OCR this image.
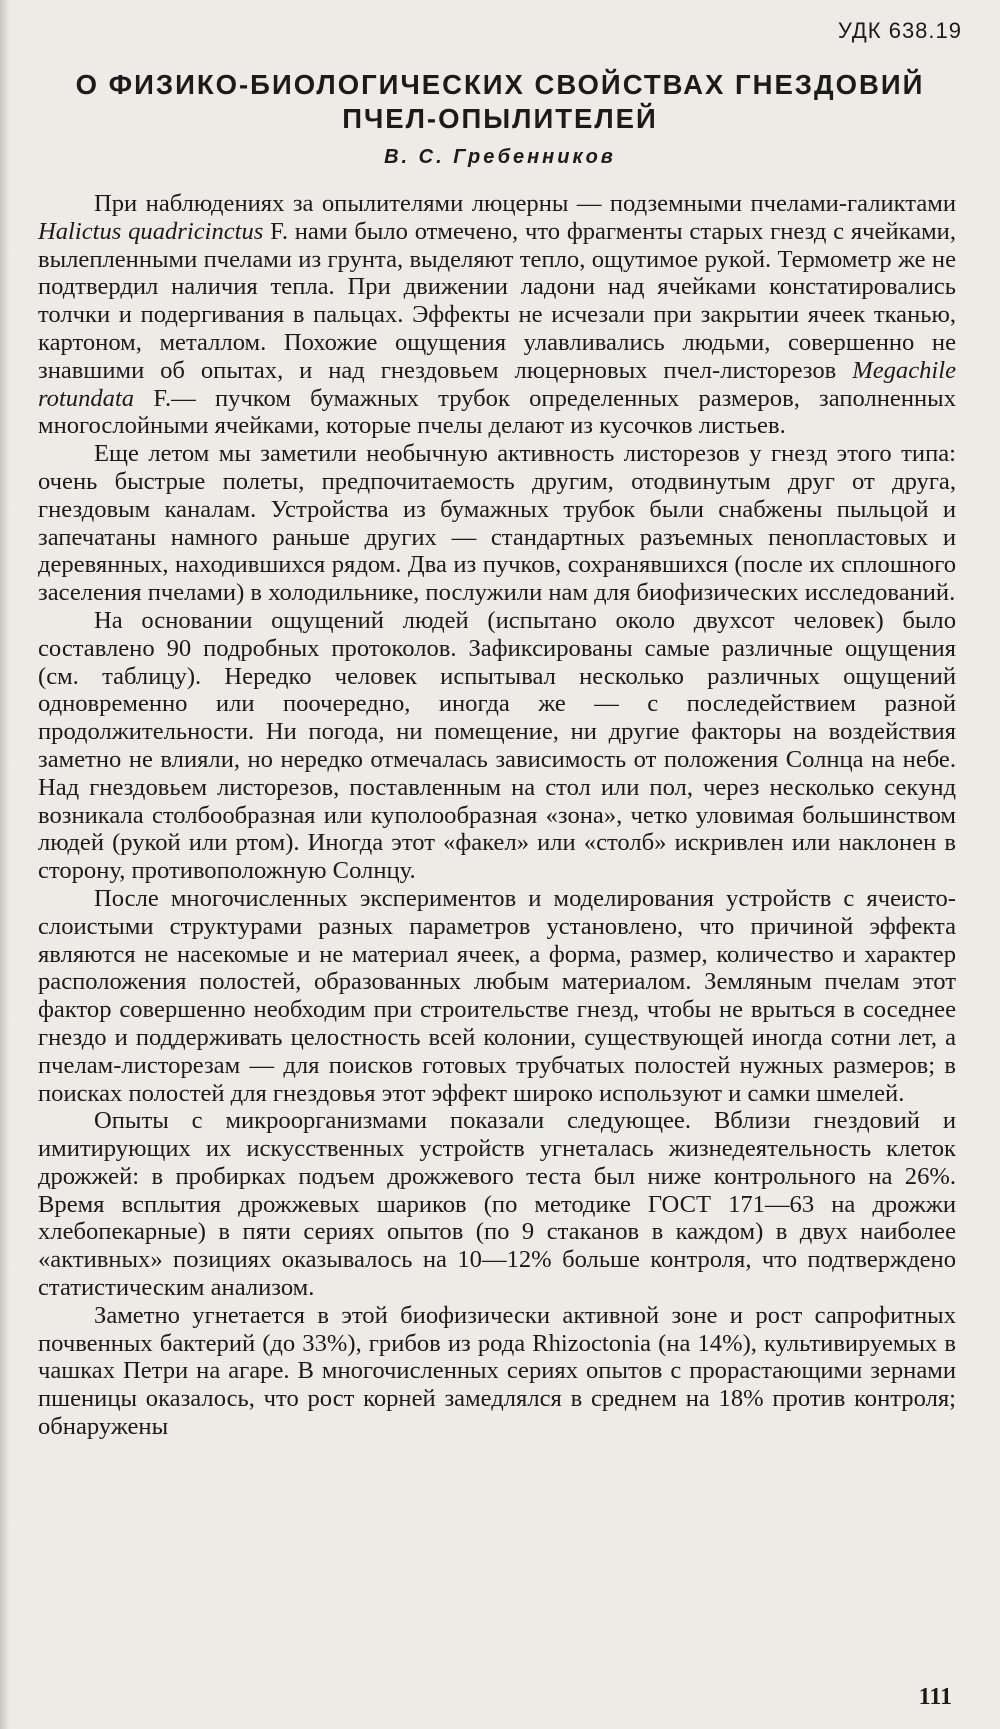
УДК 638.19
О ФИЗИКО-БИОЛОГИЧЕСКИХ СВОЙСТВАХ ГНЕЗДОВИЙ
ПЧЕЛ-ОПЫЛИТЕЛЕЙ
В. С. Гребенников

При наблюдениях за опылителями люцерны — подземными пчелами-галиктами Halictus quadricinctus F. нами было отмечено, что фрагменты старых гнезд с ячейками, вылепленными пчелами из грунта, выделяют тепло, ощутимое рукой. Термометр же не подтвердил наличия тепла. При движении ладони над ячейками констатировались толчки и подергивания в пальцах. Эффекты не исчезали при закрытии ячеек тканью, картоном, металлом. Похожие ощущения улавливались людьми, совершенно не знавшими об опытах, и над гнездовьем люцерновых пчел-листорезов Megachile rotundata F.— пучком бумажных трубок определенных размеров, заполненных многослойными ячейками, которые пчелы делают из кусочков листьев.

Еще летом мы заметили необычную активность листорезов у гнезд этого типа: очень быстрые полеты, предпочитаемость другим, отодвинутым друг от друга, гнездовым каналам. Устройства из бумажных трубок были снабжены пыльцой и запечатаны намного раньше других — стандартных разъемных пенопластовых и деревянных, находившихся рядом. Два из пучков, сохранявшихся (после их сплошного заселения пчелами) в холодильнике, послужили нам для биофизических исследований.

На основании ощущений людей (испытано около двухсот человек) было составлено 90 подробных протоколов. Зафиксированы самые различные ощущения (см. таблицу). Нередко человек испытывал несколько различных ощущений одновременно или поочередно, иногда же — с последействием разной продолжительности. Ни погода, ни помещение, ни другие факторы на воздействия заметно не влияли, но нередко отмечалась зависимость от положения Солнца на небе. Над гнездовьем листорезов, поставленным на стол или пол, через несколько секунд возникала столбообразная или куполообразная «зона», четко уловимая большинством людей (рукой или ртом). Иногда этот «факел» или «столб» искривлен или наклонен в сторону, противоположную Солнцу.

После многочисленных экспериментов и моделирования устройств с ячеисто-слоистыми структурами разных параметров установлено, что причиной эффекта являются не насекомые и не материал ячеек, а форма, размер, количество и характер расположения полостей, образованных любым материалом. Земляным пчелам этот фактор совершенно необходим при строительстве гнезд, чтобы не врыться в соседнее гнездо и поддерживать целостность всей колонии, существующей иногда сотни лет, а пчелам-листорезам — для поисков готовых трубчатых полостей нужных размеров; в поисках полостей для гнездовья этот эффект широко используют и самки шмелей.

Опыты с микроорганизмами показали следующее. Вблизи гнездовий и имитирующих их искусственных устройств угнеталась жизнедеятельность клеток дрожжей: в пробирках подъем дрожжевого теста был ниже контрольного на 26%. Время всплытия дрожжевых шариков (по методике ГОСТ 171—63 на дрожжи хлебопекарные) в пяти сериях опытов (по 9 стаканов в каждом) в двух наиболее «активных» позициях оказывалось на 10—12% больше контроля, что подтверждено статистическим анализом.

Заметно угнетается в этой биофизически активной зоне и рост сапрофитных почвенных бактерий (до 33%), грибов из рода Rhizoctonia (на 14%), культивируемых в чашках Петри на агаре. В многочисленных сериях опытов с прорастающими зернами пшеницы оказалось, что рост корней замедлялся в среднем на 18% против контроля; обнаружены

111
